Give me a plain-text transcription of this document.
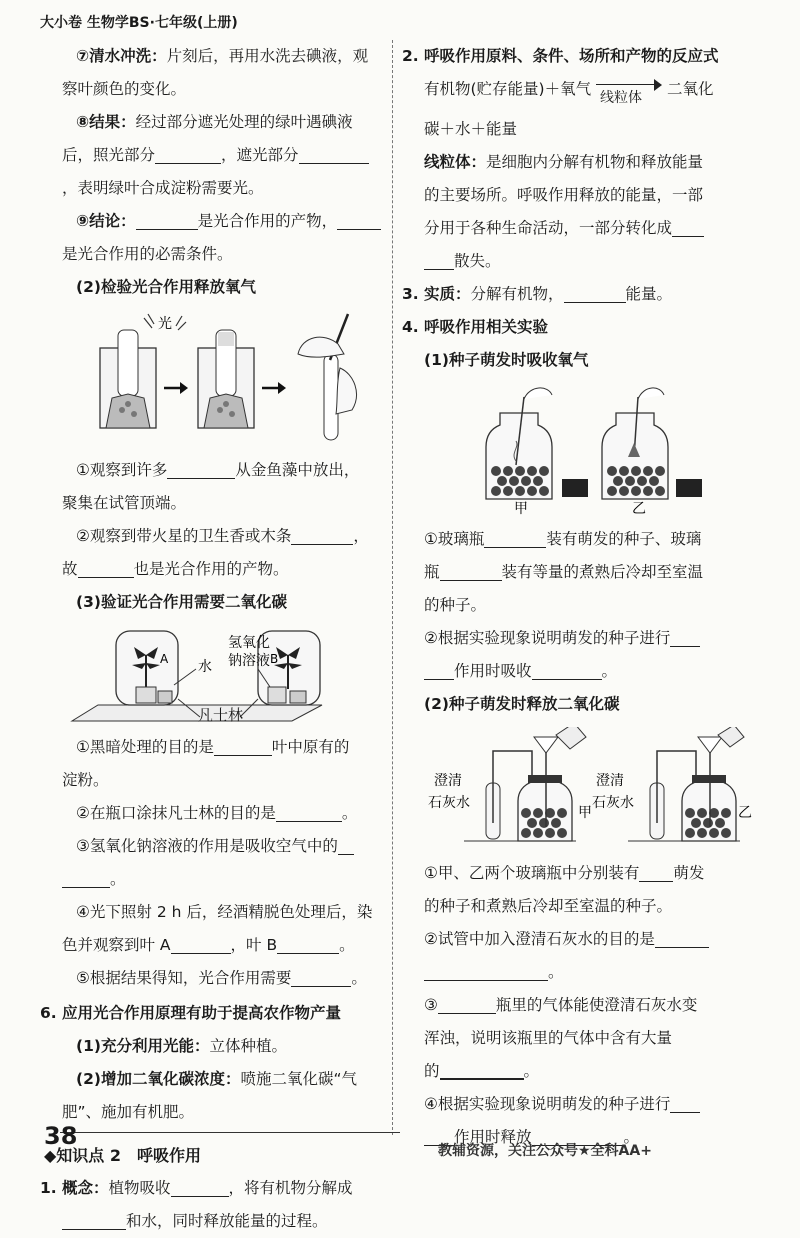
大小卷 生物学BS·七年级(上册)
⑦清水冲洗：片刻后，再用水洗去碘液，观
察叶颜色的变化。
⑧结果：经过部分遮光处理的绿叶遇碘液
后，照光部分	，遮光部分
，表明绿叶合成淀粉需要光。
⑨结论：	是光合作用的产物，
是光合作用的必需条件。
(2)检验光合作用释放氧气
光
①观察到许多	从金鱼藻中放出，
聚集在试管顶端。
②观察到带火星的卫生香或木条	，
故	也是光合作用的产物。
(3)验证光合作用需要二氧化碳
A 水	B
氢氧化
钠溶液
凡士林
①黑暗处理的目的是	叶中原有的
淀粉。
②在瓶口涂抹凡士林的目的是	。
③氢氧化钠溶液的作用是吸收空气中的
。
④光下照射 2 h 后，经酒精脱色处理后，染
色并观察到叶 A	，叶 B	。
⑤根据结果得知，光合作用需要	。
6. 应用光合作用原理有助于提高农作物产量
(1)充分利用光能：立体种植。
(2)增加二氧化碳浓度：喷施二氧化碳“气
肥”、施加有机肥。
◆知识点 2　呼吸作用
1. 概念：植物吸收	，将有机物分解成
和水，同时释放能量的过程。
2. 呼吸作用原料、条件、场所和产物的反应式
有机物(贮存能量)＋氧气 线粒体 二氧化
碳＋水＋能量
线粒体：是细胞内分解有机物和释放能量
的主要场所。呼吸作用释放的能量，一部
分用于各种生命活动，一部分转化成
散失。
3. 实质：分解有机物，	能量。
4. 呼吸作用相关实验
(1)种子萌发时吸收氧气
甲	乙
①玻璃瓶	装有萌发的种子、玻璃
瓶	装有等量的煮熟后冷却至室温
的种子。
②根据实验现象说明萌发的种子进行
作用时吸收	。
(2)种子萌发时释放二氧化碳
澄清
石灰水
甲
澄清
石灰水
乙
①甲、乙两个玻璃瓶中分别装有 萌发
的种子和煮熟后冷却至室温的种子。
②试管中加入澄清石灰水的目的是
。
③	瓶里的气体能使澄清石灰水变
浑浊，说明该瓶里的气体中含有大量
的	。
④根据实验现象说明萌发的种子进行
作用时释放	。
38
教辅资源，关注公众号★全科AA+
